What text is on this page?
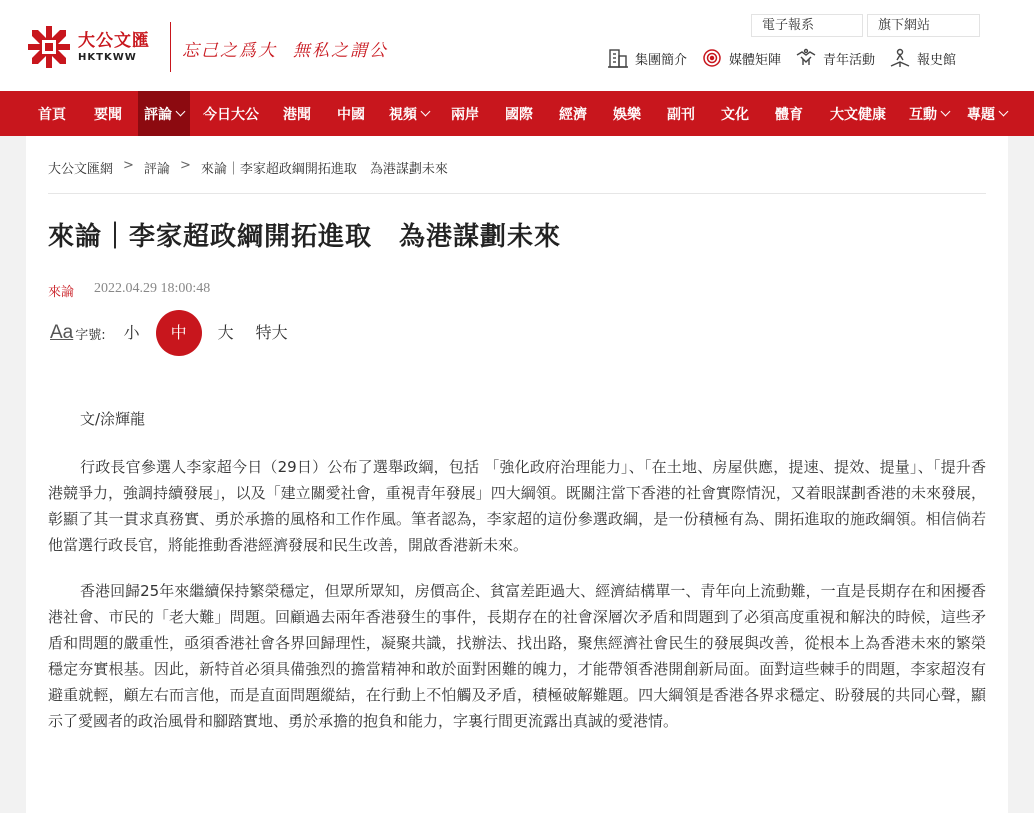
大公文匯
HKTKWW	忘己之爲大 無私之謂公
電子報系	旗下網站
集團簡介	媒體矩陣	青年活動	報史館
首頁 要聞 評論 今日大公 港聞 中國 視頻 兩岸 國際 經濟 娛樂 副刊 文化 體育 大文健康 互動 專題
大公文匯網 > 評論 > 來論｜李家超政綱開拓進取　為港謀劃未來
來論｜李家超政綱開拓進取　為港謀劃未來
來論 2022.04.29 18:00:48
Aa 字號: 小	中	大 特大

文/涂輝龍

行政長官參選人李家超今日（29日）公布了選舉政綱，包括 「強化政府治理能力」、「在土地、房屋供應，提速、提效、提量」、「提升香港競爭力，強調持續發展」，以及「建立關愛社會，重視青年發展」四大綱領。既關注當下香港的社會實際情況，又着眼謀劃香港的未來發展，彰顯了其一貫求真務實、勇於承擔的風格和工作作風。筆者認為，李家超的這份參選政綱，是一份積極有為、開拓進取的施政綱領。相信倘若他當選行政長官，將能推動香港經濟發展和民生改善，開啟香港新未來。

香港回歸25年來繼續保持繁榮穩定，但眾所眾知，房價高企、貧富差距過大、經濟結構單一、青年向上流動難，一直是長期存在和困擾香港社會、市民的「老大難」問題。回顧過去兩年香港發生的事件，長期存在的社會深層次矛盾和問題到了必須高度重視和解決的時候，這些矛盾和問題的嚴重性，亟須香港社會各界回歸理性，凝聚共識，找辦法、找出路，聚焦經濟社會民生的發展與改善，從根本上為香港未來的繁榮穩定夯實根基。因此，新特首必須具備強烈的擔當精神和敢於面對困難的魄力，才能帶領香港開創新局面。面對這些棘手的問題，李家超沒有避重就輕，顧左右而言他，而是直面問題縱結，在行動上不怕觸及矛盾，積極破解難題。四大綱領是香港各界求穩定、盼發展的共同心聲，顯示了愛國者的政治風骨和腳踏實地、勇於承擔的抱負和能力，字裏行間更流露出真誠的愛港情。
